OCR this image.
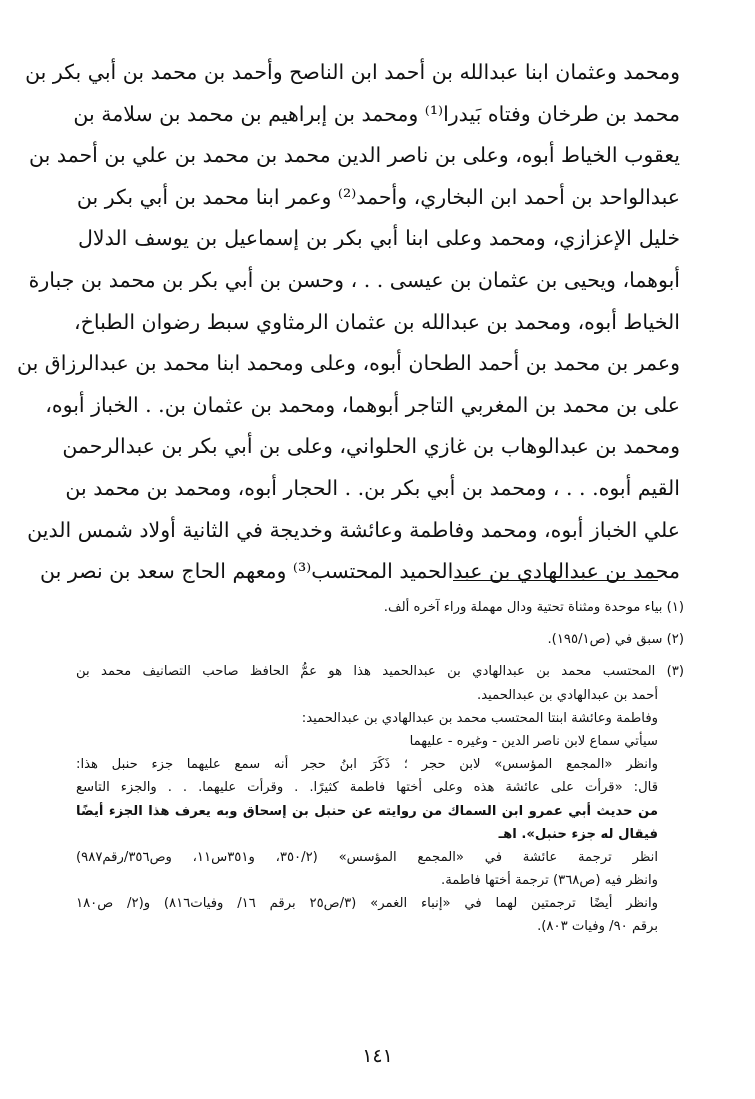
ومحمد وعثمان ابنا عبدالله بن أحمد ابن الناصح وأحمد بن محمد بن أبي بكر بن
محمد بن طرخان وفتاه بَيدرا⁽¹⁾ ومحمد بن إبراهيم بن محمد بن سلامة بن
يعقوب الخياط أبوه، وعلى بن ناصر الدين محمد بن محمد بن علي بن أحمد بن
عبدالواحد بن أحمد ابن البخاري، وأحمد⁽²⁾ وعمر ابنا محمد بن أبي بكر بن
خليل الإعزازي، ومحمد وعلى ابنا أبي بكر بن إسماعيل بن يوسف الدلال
أبوهما، ويحيى بن عثمان بن عيسى . . ، وحسن بن أبي بكر بن محمد بن جبارة
الخياط أبوه، ومحمد بن عبدالله بن عثمان الرمثاوي سبط رضوان الطباخ،
وعمر بن محمد بن أحمد الطحان أبوه، وعلى ومحمد ابنا محمد بن عبدالرزاق بن
على بن محمد بن المغربي التاجر أبوهما، ومحمد بن عثمان بن. . الخباز أبوه،
ومحمد بن عبدالوهاب بن غازي الحلواني، وعلى بن أبي بكر بن عبدالرحمن
القيم أبوه. . . ، ومحمد بن أبي بكر بن. . الحجار أبوه، ومحمد بن محمد بن
علي الخباز أبوه، ومحمد وفاطمة وعائشة وخديجة في الثانية أولاد شمس الدين
محمد بن عبدالهادي بن عبدالحميد المحتسب⁽³⁾ ومعهم الحاج سعد بن نصر بن
(١) بياء موحدة ومثناة تحتية ودال مهملة وراء آخره ألف.
(٢) سبق في (ص١٩٥/١).
(٣) المحتسب محمد بن عبدالهادي بن عبدالحميد هذا هو عمُّ الحافظ صاحب التصانيف محمد بن
أحمد بن عبدالهادي بن عبدالحميد.
وفاطمة وعائشة ابنتا المحتسب محمد بن عبدالهادي بن عبدالحميد:
سيأتي سماع لابن ناصر الدين - وغيره - عليهما
وانظر «المجمع المؤسس» لابن حجر ؛ ذَكَرَ ابنُ حجر أنه سمع عليهما جزء حنبل هذا:
قال: «قرأت على عائشة هذه وعلى أختها فاطمة كثيرًا. . وقرأت عليهما. . . والجزء التاسع
من حديث أبي عمرو ابن السماك من روايته عن حنبل بن إسحاق وبه يعرف هذا الجزء أيضًا
فيقال له جزء حنبل». اهـ
انظر ترجمة عائشة في «المجمع المؤسس» (٣٥٠/٢، و٣٥١س١١، وص٣٥٦/رقم٩٨٧)
وانظر فيه (ص٣٦٨) ترجمة أختها فاطمة.
وانظر أيضًا ترجمتين لهما في «إنباء الغمر» (٣/ص٢٥ برقم ١٦/ وفيات٨١٦) و(٢/ ص١٨٠
برقم ٩٠/ وفيات ٨٠٣).
١٤١
